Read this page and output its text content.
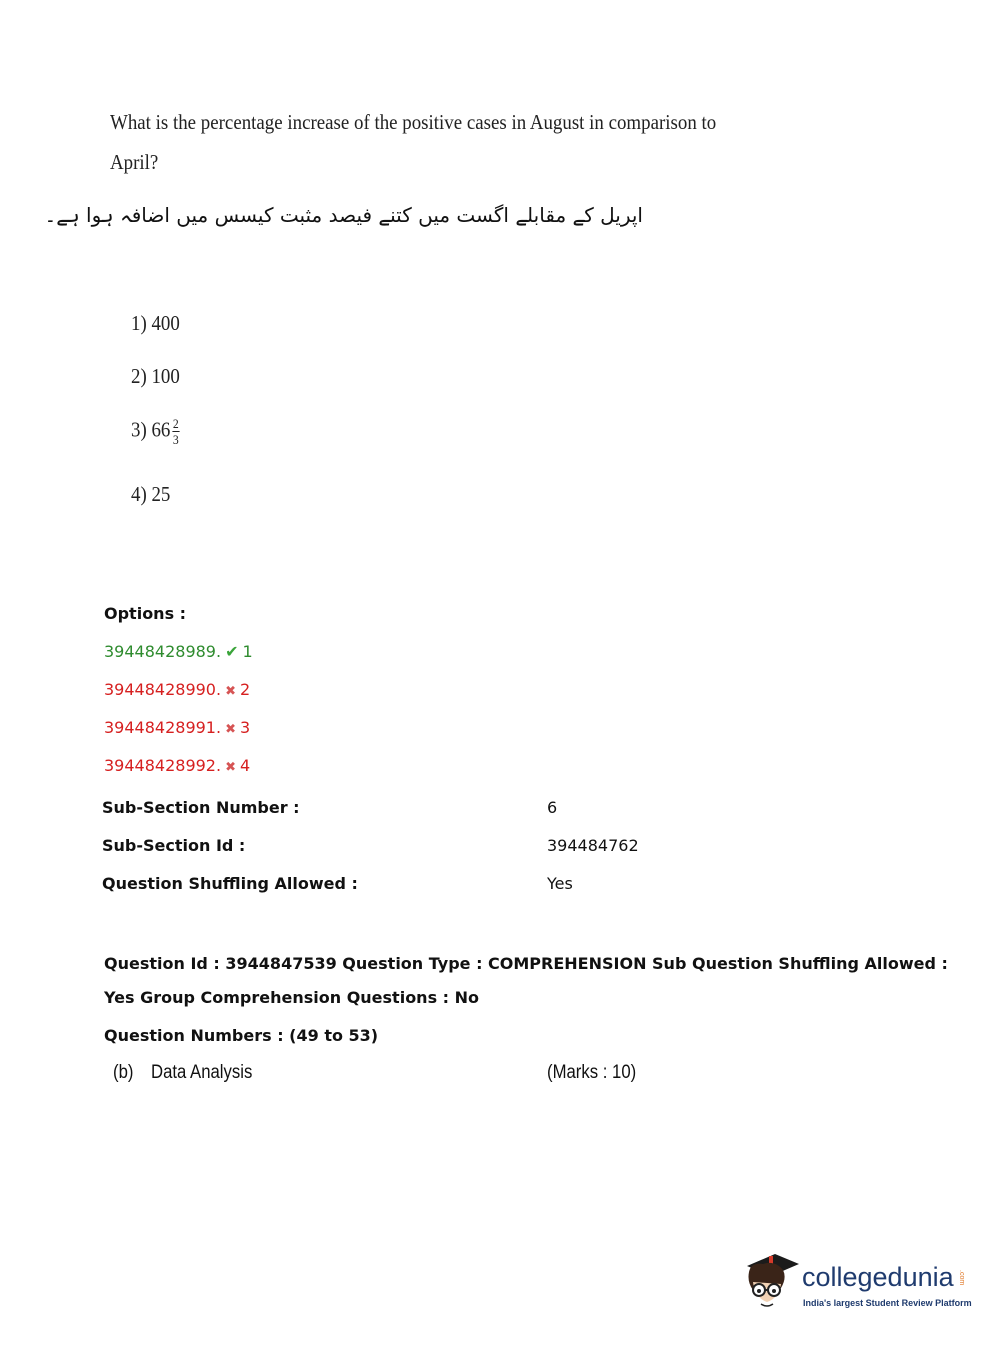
What is the percentage increase of the positive cases in August in comparison to
April?
اپریل کے مقابلے اگست میں کتنے فیصد مثبت کیسس میں اضافہ ہوا ہے۔
1) 400
2) 100
3) $66 \frac{2}{3}$
4) 25
Options :
39448428989. ✔ 1
39448428990. ✖ 2
39448428991. ✖ 3
39448428992. ✖ 4
Sub-Section Number :	6
Sub-Section Id :	394484762
Question Shuffling Allowed :	Yes
Question Id : 3944847539 Question Type : COMPREHENSION Sub Question Shuffling Allowed :
Yes Group Comprehension Questions : No
Question Numbers : (49 to 53)
(b) Data Analysis	(Marks : 10)
collegedunia .com
India's largest Student Review Platform
